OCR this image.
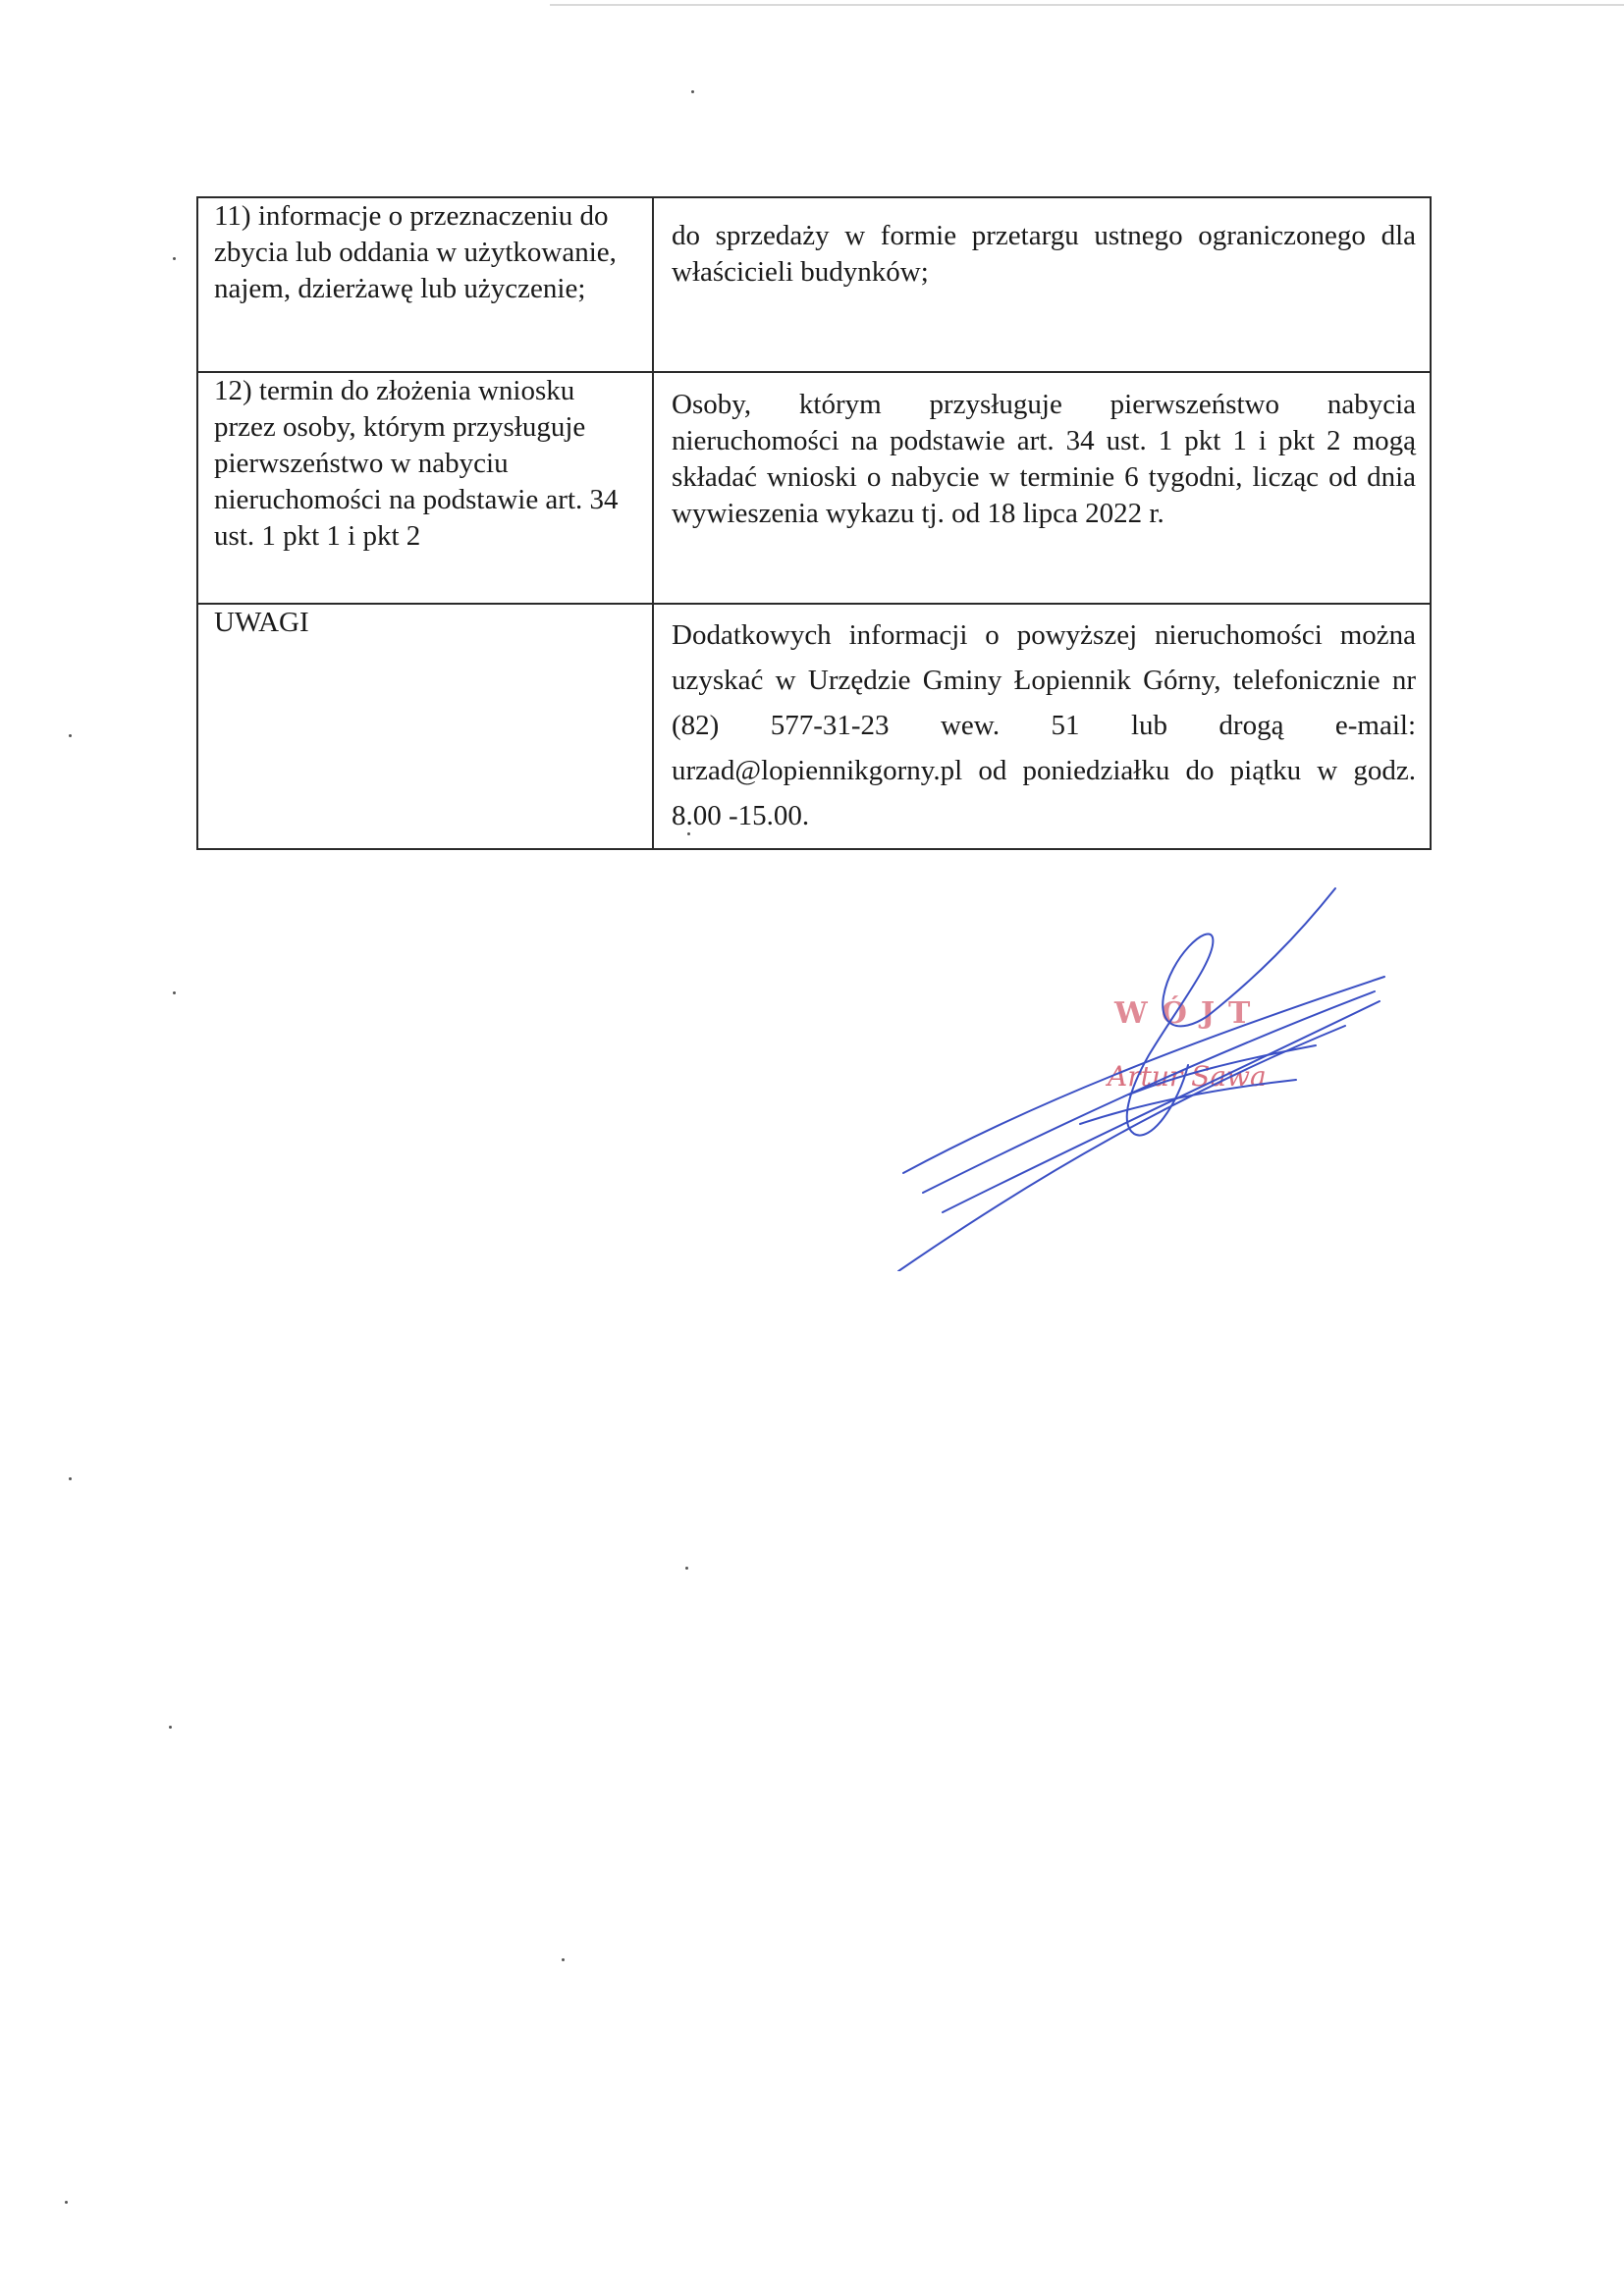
11) informacje o przeznaczeniu do zbycia lub oddania w użytkowanie, najem, dzierżawę lub użyczenie;	do sprzedaży w formie przetargu ustnego ograniczonego dla właścicieli budynków;
12) termin do złożenia wniosku przez osoby, którym przysługuje pierwszeństwo w nabyciu nieruchomości na podstawie art. 34 ust. 1 pkt 1 i pkt 2	Osoby, którym przysługuje pierwszeństwo nabycia nieruchomości na podstawie art. 34 ust. 1 pkt 1 i pkt 2 mogą składać wnioski o nabycie w terminie 6 tygodni, licząc od dnia wywieszenia wykazu tj. od 18 lipca 2022 r.
UWAGI	Dodatkowych informacji o powyższej nieruchomości można uzyskać w Urzędzie Gminy Łopiennik Górny, telefonicznie nr (82) 577-31-23 wew. 51 lub drogą e-mail: urzad@lopiennikgorny.pl od poniedziałku do piątku w godz. 8.00 -15.00.
WÓJT
Artur Sawa
